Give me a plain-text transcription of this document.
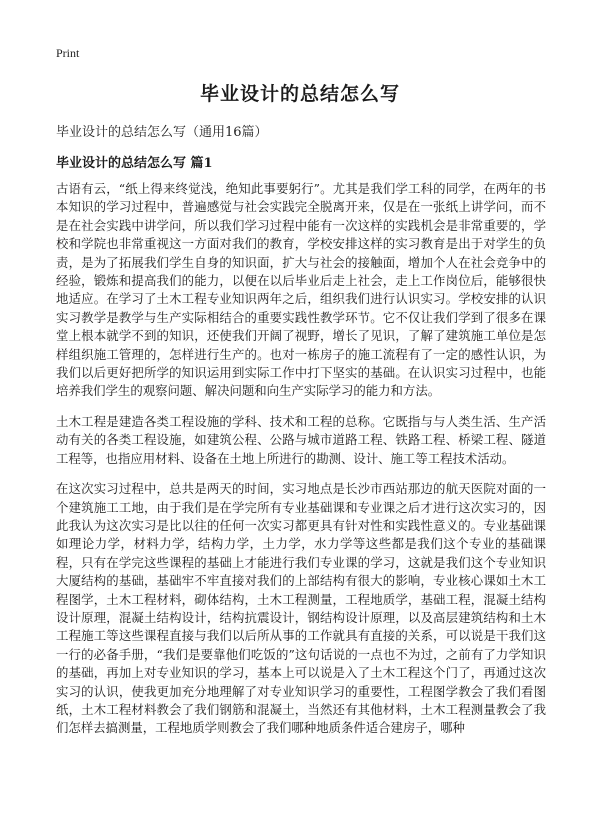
Print
毕业设计的总结怎么写

毕业设计的总结怎么写（通用16篇）

毕业设计的总结怎么写 篇1

古语有云，“纸上得来终觉浅，绝知此事要躬行”。尤其是我们学工科的同学，在两年的书本知识的学习过程中，普遍感觉与社会实践完全脱离开来，仅是在一张纸上讲学问，而不是在社会实践中讲学问，所以我们学习过程中能有一次这样的实践机会是非常重要的，学校和学院也非常重视这一方面对我们的教育，学校安排这样的实习教育是出于对学生的负责，是为了拓展我们学生自身的知识面，扩大与社会的接触面，增加个人在社会竞争中的经验，锻炼和提高我们的能力，以便在以后毕业后走上社会，走上工作岗位后，能够很快地适应。在学习了土木工程专业知识两年之后，组织我们进行认识实习。学校安排的认识实习教学是教学与生产实际相结合的重要实践性教学环节。它不仅让我们学到了很多在课堂上根本就学不到的知识，还使我们开阔了视野，增长了见识，了解了建筑施工单位是怎样组织施工管理的，怎样进行生产的。也对一栋房子的施工流程有了一定的感性认识，为我们以后更好把所学的知识运用到实际工作中打下坚实的基础。在认识实习过程中，也能培养我们学生的观察问题、解决问题和向生产实际学习的能力和方法。

土木工程是建造各类工程设施的学科、技术和工程的总称。它既指与与人类生活、生产活动有关的各类工程设施，如建筑公程、公路与城市道路工程、铁路工程、桥梁工程、隧道工程等，也指应用材料、设备在土地上所进行的勘测、设计、施工等工程技术活动。

在这次实习过程中，总共是两天的时间，实习地点是长沙市西站那边的航天医院对面的一个建筑施工工地，由于我们是在学完所有专业基础课和专业课之后才进行这次实习的，因此我认为这次实习是比以往的任何一次实习都更具有针对性和实践性意义的。专业基础课如理论力学，材料力学，结构力学，土力学，水力学等这些都是我们这个专业的基础课程，只有在学完这些课程的基础上才能进行我们专业课的学习，这就是我们这个专业知识大厦结构的基础，基础牢不牢直接对我们的上部结构有很大的影响，专业核心课如土木工程图学，土木工程材料，砌体结构，土木工程测量，工程地质学，基础工程，混凝土结构设计原理，混凝土结构设计，结构抗震设计，钢结构设计原理，以及高层建筑结构和土木工程施工等这些课程直接与我们以后所从事的工作就具有直接的关系，可以说是干我们这一行的必备手册，“我们是要靠他们吃饭的”这句话说的一点也不为过，之前有了力学知识的基础，再加上对专业知识的学习，基本上可以说是入了土木工程这个门了，再通过这次实习的认识，使我更加充分地理解了对专业知识学习的重要性，工程图学教会了我们看图纸，土木工程材料教会了我们钢筋和混凝土，当然还有其他材料，土木工程测量教会了我们怎样去搞测量，工程地质学则教会了我们哪种地质条件适合建房子，哪种
